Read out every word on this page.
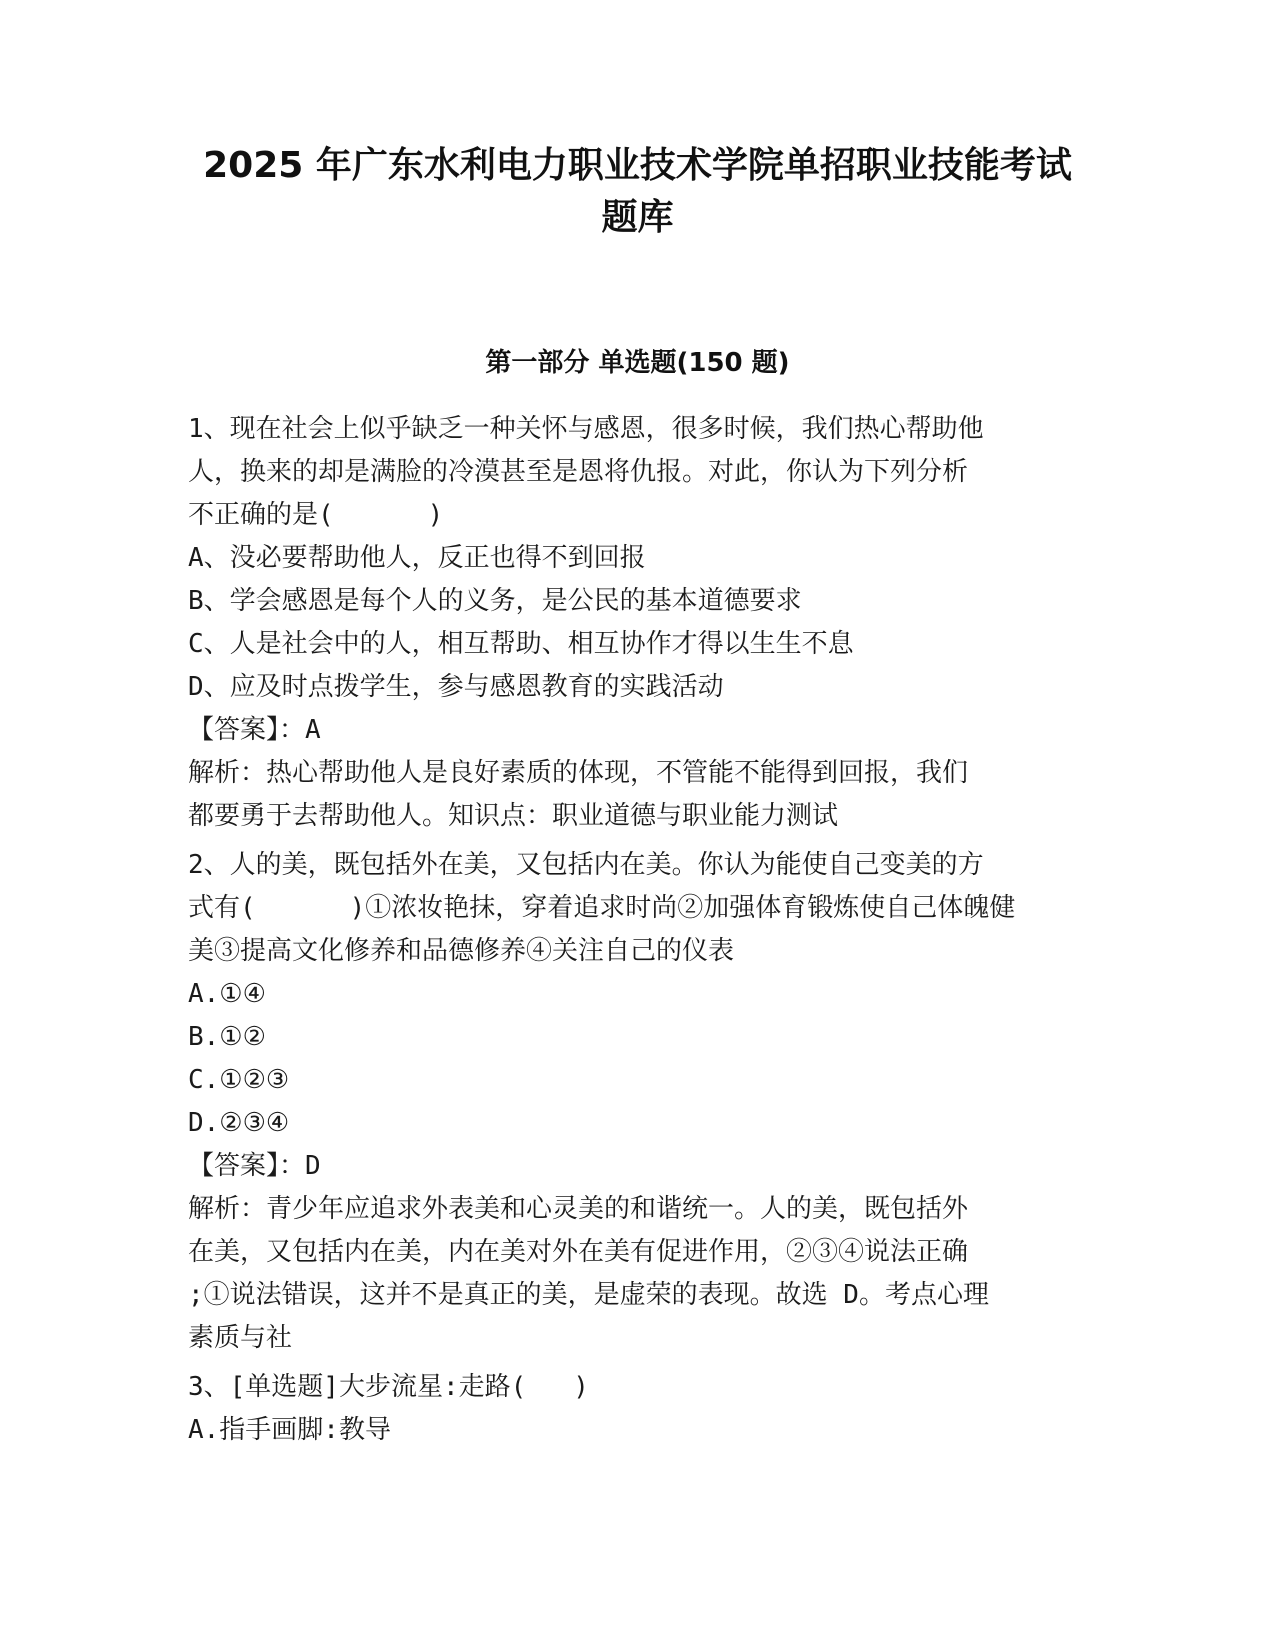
2025 年广东水利电力职业技术学院单招职业技能考试
题库
第一部分 单选题(150 题)
1、现在社会上似乎缺乏一种关怀与感恩，很多时候，我们热心帮助他
人，换来的却是满脸的冷漠甚至是恩将仇报。对此，你认为下列分析
不正确的是(      )
A、没必要帮助他人，反正也得不到回报
B、学会感恩是每个人的义务，是公民的基本道德要求
C、人是社会中的人，相互帮助、相互协作才得以生生不息
D、应及时点拨学生，参与感恩教育的实践活动
【答案】：A
解析：热心帮助他人是良好素质的体现，不管能不能得到回报，我们
都要勇于去帮助他人。知识点：职业道德与职业能力测试
2、人的美，既包括外在美，又包括内在美。你认为能使自己变美的方
式有(      )①浓妆艳抹，穿着追求时尚②加强体育锻炼使自己体魄健
美③提高文化修养和品德修养④关注自己的仪表
A.①④
B.①②
C.①②③
D.②③④
【答案】：D
解析：青少年应追求外表美和心灵美的和谐统一。人的美，既包括外
在美，又包括内在美，内在美对外在美有促进作用，②③④说法正确
;①说法错误，这并不是真正的美，是虚荣的表现。故选 D。考点心理
素质与社
3、[单选题]大步流星:走路(   )
A.指手画脚:教导
